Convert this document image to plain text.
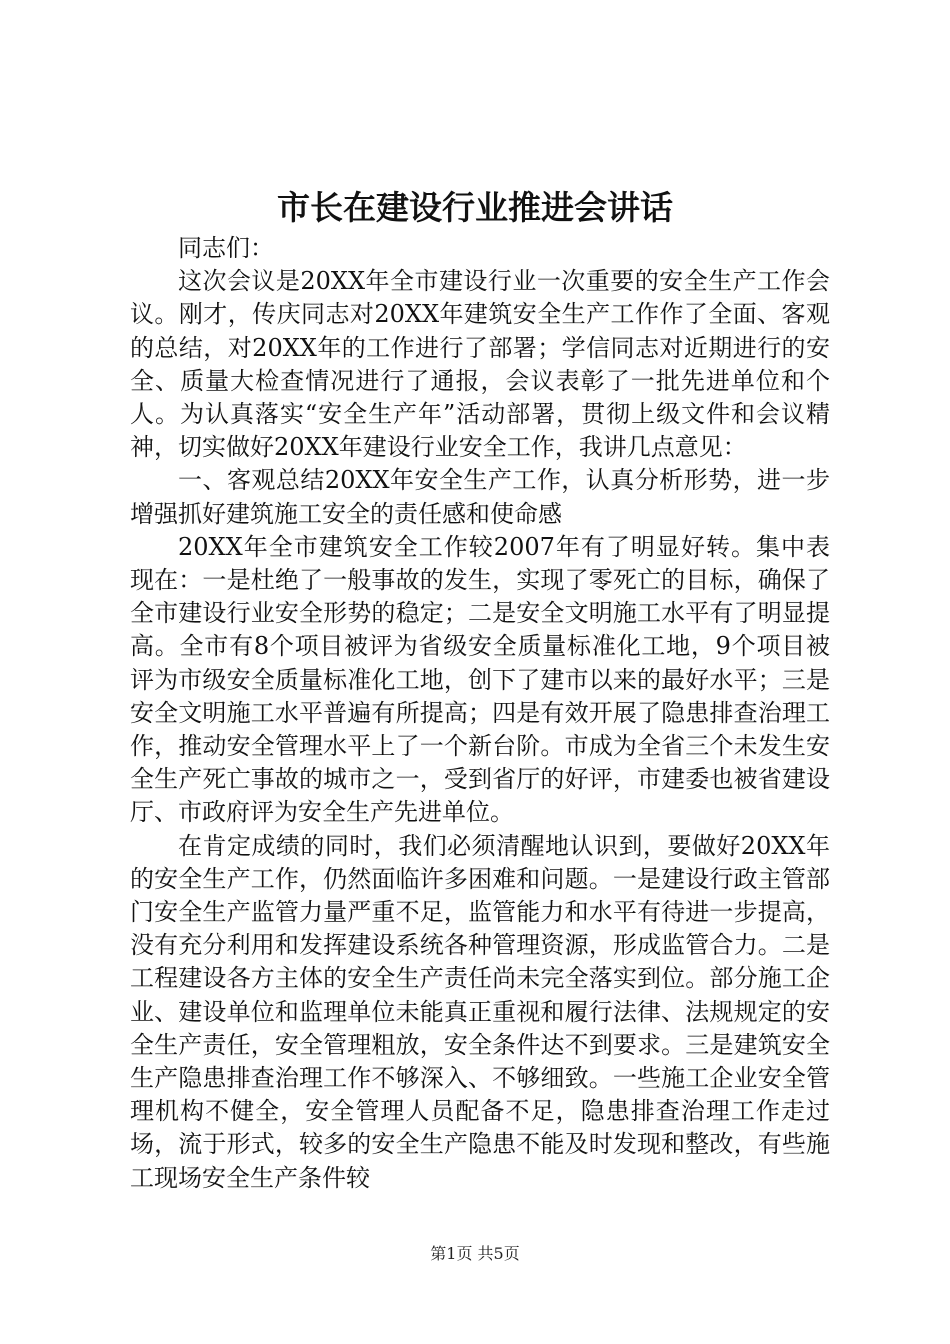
市长在建设行业推进会讲话

同志们：

这次会议是20XX年全市建设行业一次重要的安全生产工作会议。刚才，传庆同志对20XX年建筑安全生产工作作了全面、客观的总结，对20XX年的工作进行了部署；学信同志对近期进行的安全、质量大检查情况进行了通报，会议表彰了一批先进单位和个人。为认真落实“安全生产年”活动部署，贯彻上级文件和会议精神，切实做好20XX年建设行业安全工作，我讲几点意见：

一、客观总结20XX年安全生产工作，认真分析形势，进一步增强抓好建筑施工安全的责任感和使命感

20XX年全市建筑安全工作较2007年有了明显好转。集中表现在：一是杜绝了一般事故的发生，实现了零死亡的目标，确保了全市建设行业安全形势的稳定；二是安全文明施工水平有了明显提高。全市有8个项目被评为省级安全质量标准化工地，9个项目被评为市级安全质量标准化工地，创下了建市以来的最好水平；三是安全文明施工水平普遍有所提高；四是有效开展了隐患排查治理工作，推动安全管理水平上了一个新台阶。市成为全省三个未发生安全生产死亡事故的城市之一，受到省厅的好评，市建委也被省建设厅、市政府评为安全生产先进单位。

在肯定成绩的同时，我们必须清醒地认识到，要做好20XX年的安全生产工作，仍然面临许多困难和问题。一是建设行政主管部门安全生产监管力量严重不足，监管能力和水平有待进一步提高，没有充分利用和发挥建设系统各种管理资源，形成监管合力。二是工程建设各方主体的安全生产责任尚未完全落实到位。部分施工企业、建设单位和监理单位未能真正重视和履行法律、法规规定的安全生产责任，安全管理粗放，安全条件达不到要求。三是建筑安全生产隐患排查治理工作不够深入、不够细致。一些施工企业安全管理机构不健全，安全管理人员配备不足，隐患排查治理工作走过场，流于形式，较多的安全生产隐患不能及时发现和整改，有些施工现场安全生产条件较

第1页 共5页
